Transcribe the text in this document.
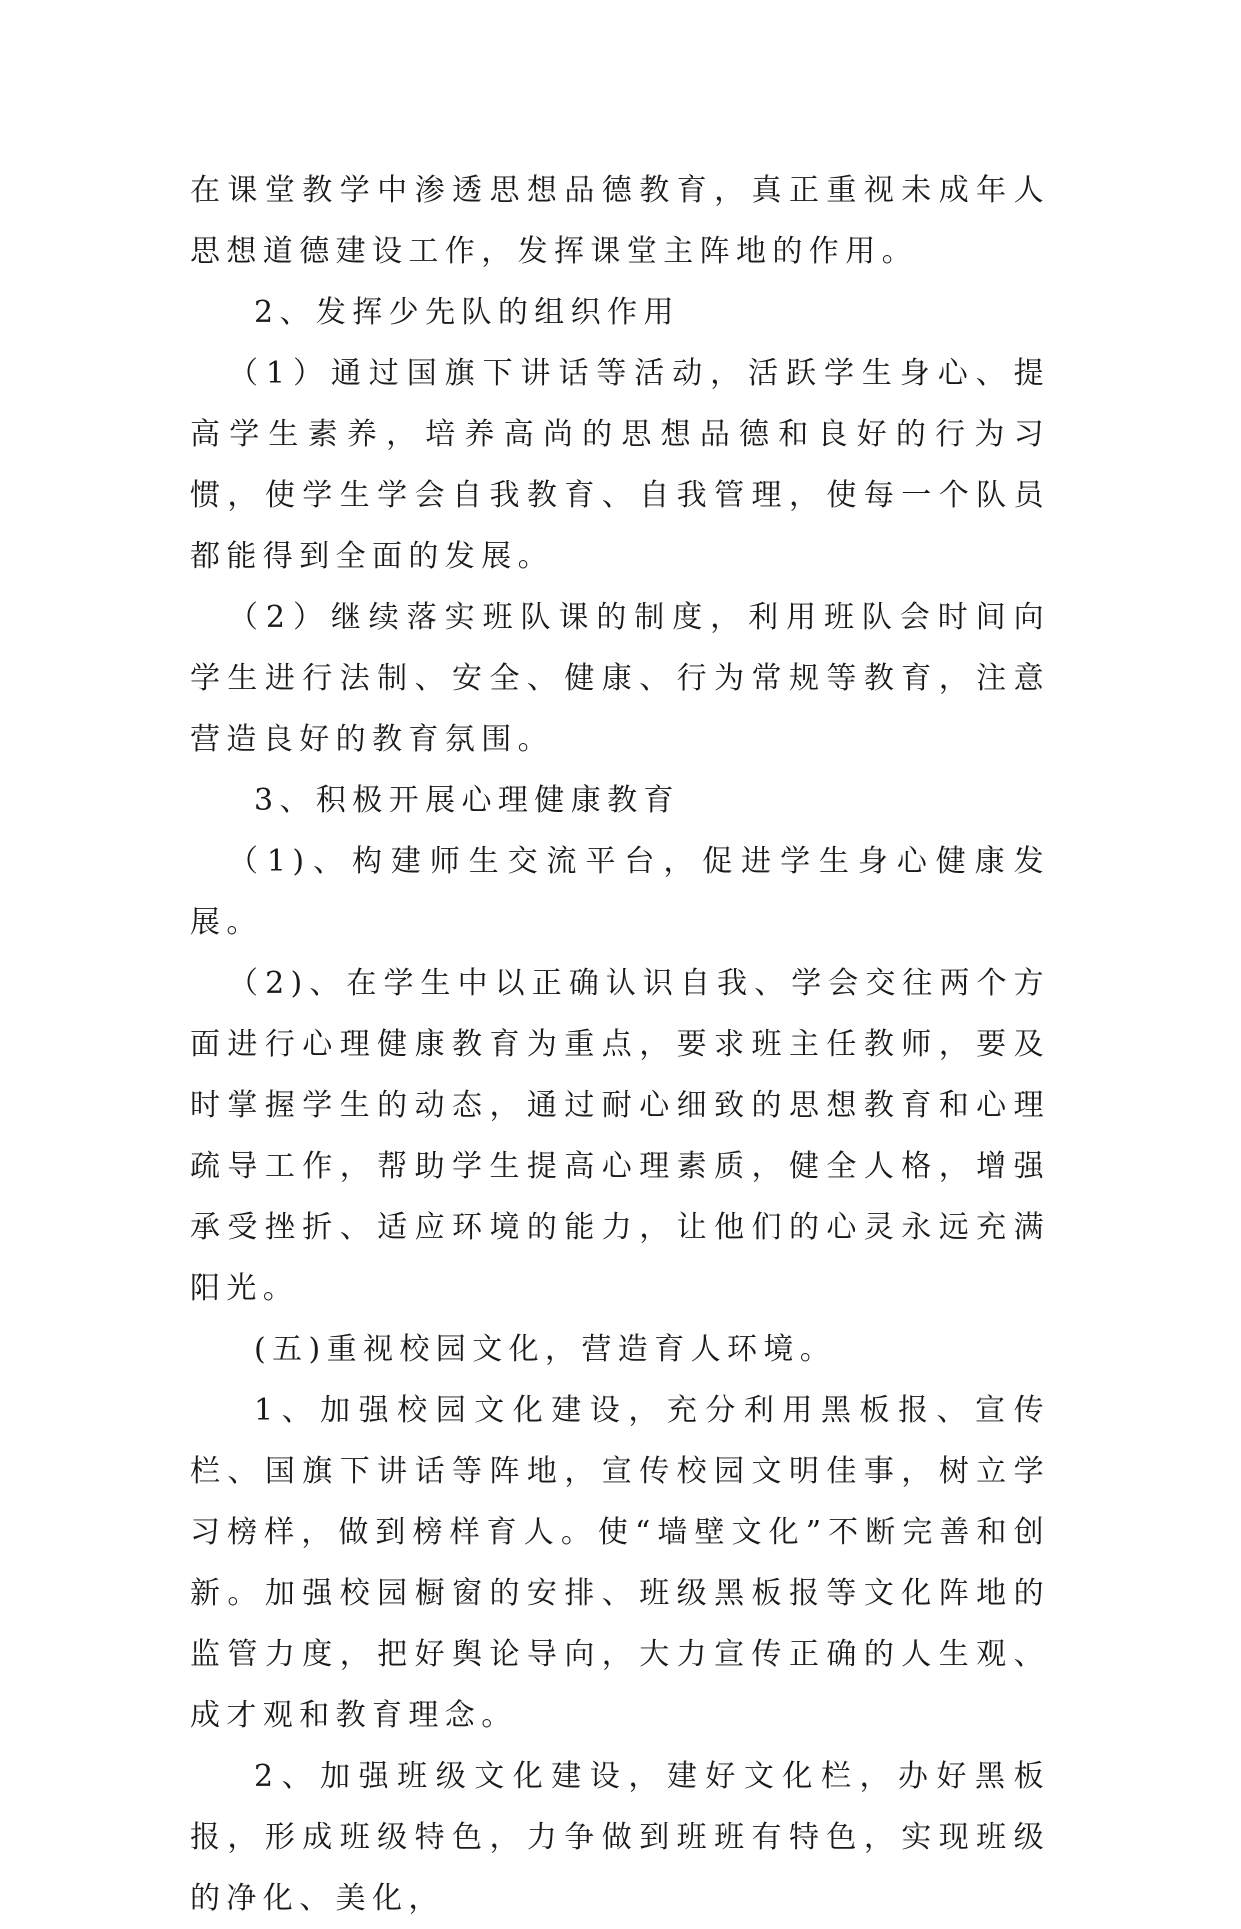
在课堂教学中渗透思想品德教育，真正重视未成年人思想道德建设工作，发挥课堂主阵地的作用。

2、发挥少先队的组织作用

（1）通过国旗下讲话等活动，活跃学生身心、提高学生素养，培养高尚的思想品德和良好的行为习惯，使学生学会自我教育、自我管理，使每一个队员都能得到全面的发展。

（2）继续落实班队课的制度，利用班队会时间向学生进行法制、安全、健康、行为常规等教育，注意营造良好的教育氛围。

3、积极开展心理健康教育

（1)、构建师生交流平台，促进学生身心健康发展。

（2)、在学生中以正确认识自我、学会交往两个方面进行心理健康教育为重点，要求班主任教师，要及时掌握学生的动态，通过耐心细致的思想教育和心理疏导工作，帮助学生提高心理素质，健全人格，增强承受挫折、适应环境的能力，让他们的心灵永远充满阳光。

(五)重视校园文化，营造育人环境。

1、加强校园文化建设，充分利用黑板报、宣传栏、国旗下讲话等阵地，宣传校园文明佳事，树立学习榜样，做到榜样育人。使“墙壁文化”不断完善和创新。加强校园橱窗的安排、班级黑板报等文化阵地的监管力度，把好舆论导向，大力宣传正确的人生观、成才观和教育理念。

2、加强班级文化建设，建好文化栏，办好黑板报，形成班级特色，力争做到班班有特色，实现班级的净化、美化，
